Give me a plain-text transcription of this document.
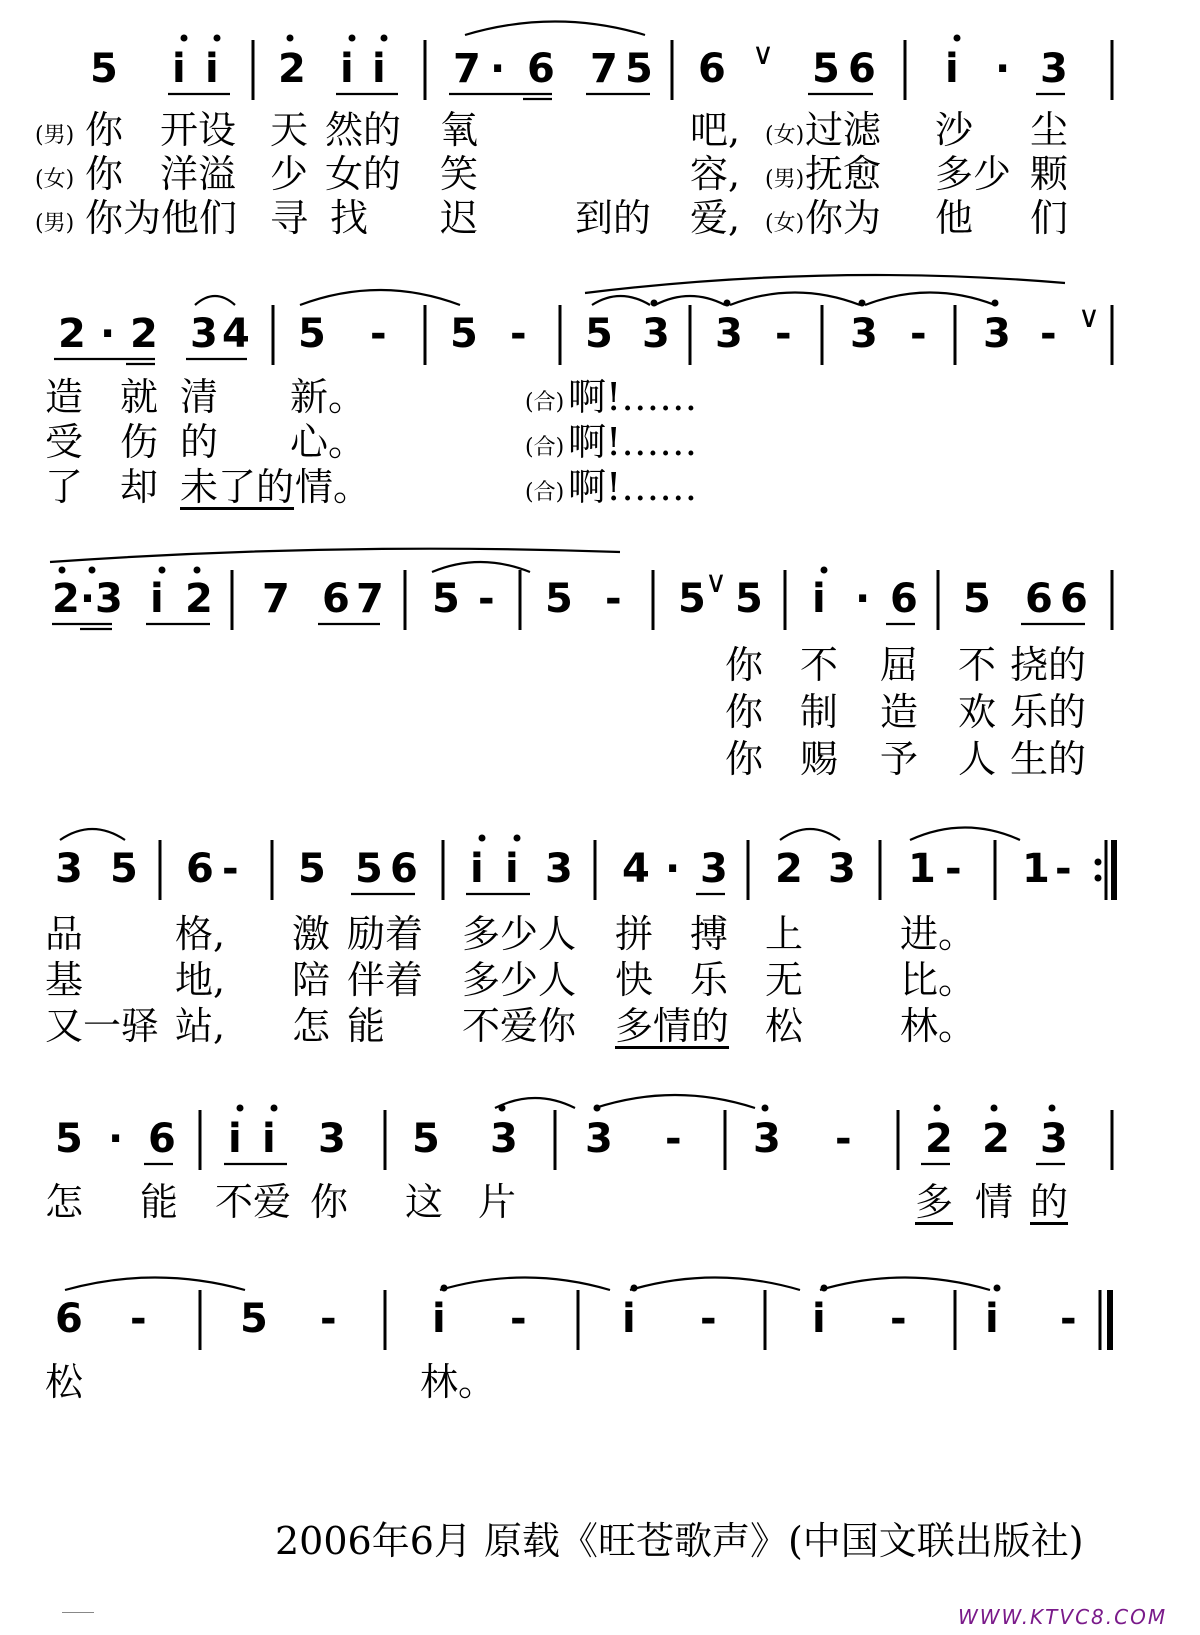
5 i i 2 i i 7 · 6 7 5 6 ∨ 5 6 i · 3
(男) 你 开设 天 然的 氧	吧, (女) 过滤 沙 尘
(女) 你 洋溢 少 女的 笑	容, (男) 抚愈 多少 颗
(男) 你为他们 寻 找 迟	到的 爱, (女) 你为 他 们
2 · 2 3 4 5 - 5 - 5 3 3 - 3 - 3 - ∨
造 就 清 新。	(合) 啊!……
受 伤 的 心。	(合) 啊!……
了 却 未了的 情。	(合) 啊!……
2·3 i 2 7 6 7 5 - 5 - 5 ∨ 5 i · 6 5 6 6
你 不 屈 不 挠的
你 制 造 欢 乐的
你 赐 予 人 生的
3 5 6 - 5 5 6 i i 3 4 · 3 2 3 1 - 1 -
品 格, 激 励着 多少人 拼 搏 上	进。
基 地, 陪 伴着 多少人 快 乐 无	比。
又一驿 站, 怎 能 不爱你 多情的 松	林。
5 · 6 i i 3 5 3 3 - 3 - 2 2 3
怎 能 不爱 你 这 片	多 情 的
6 - 5 - i - i - i - i -
松	林。
2006年6月 原载《旺苍歌声》(中国文联出版社)
WWW.KTVC8.COM
